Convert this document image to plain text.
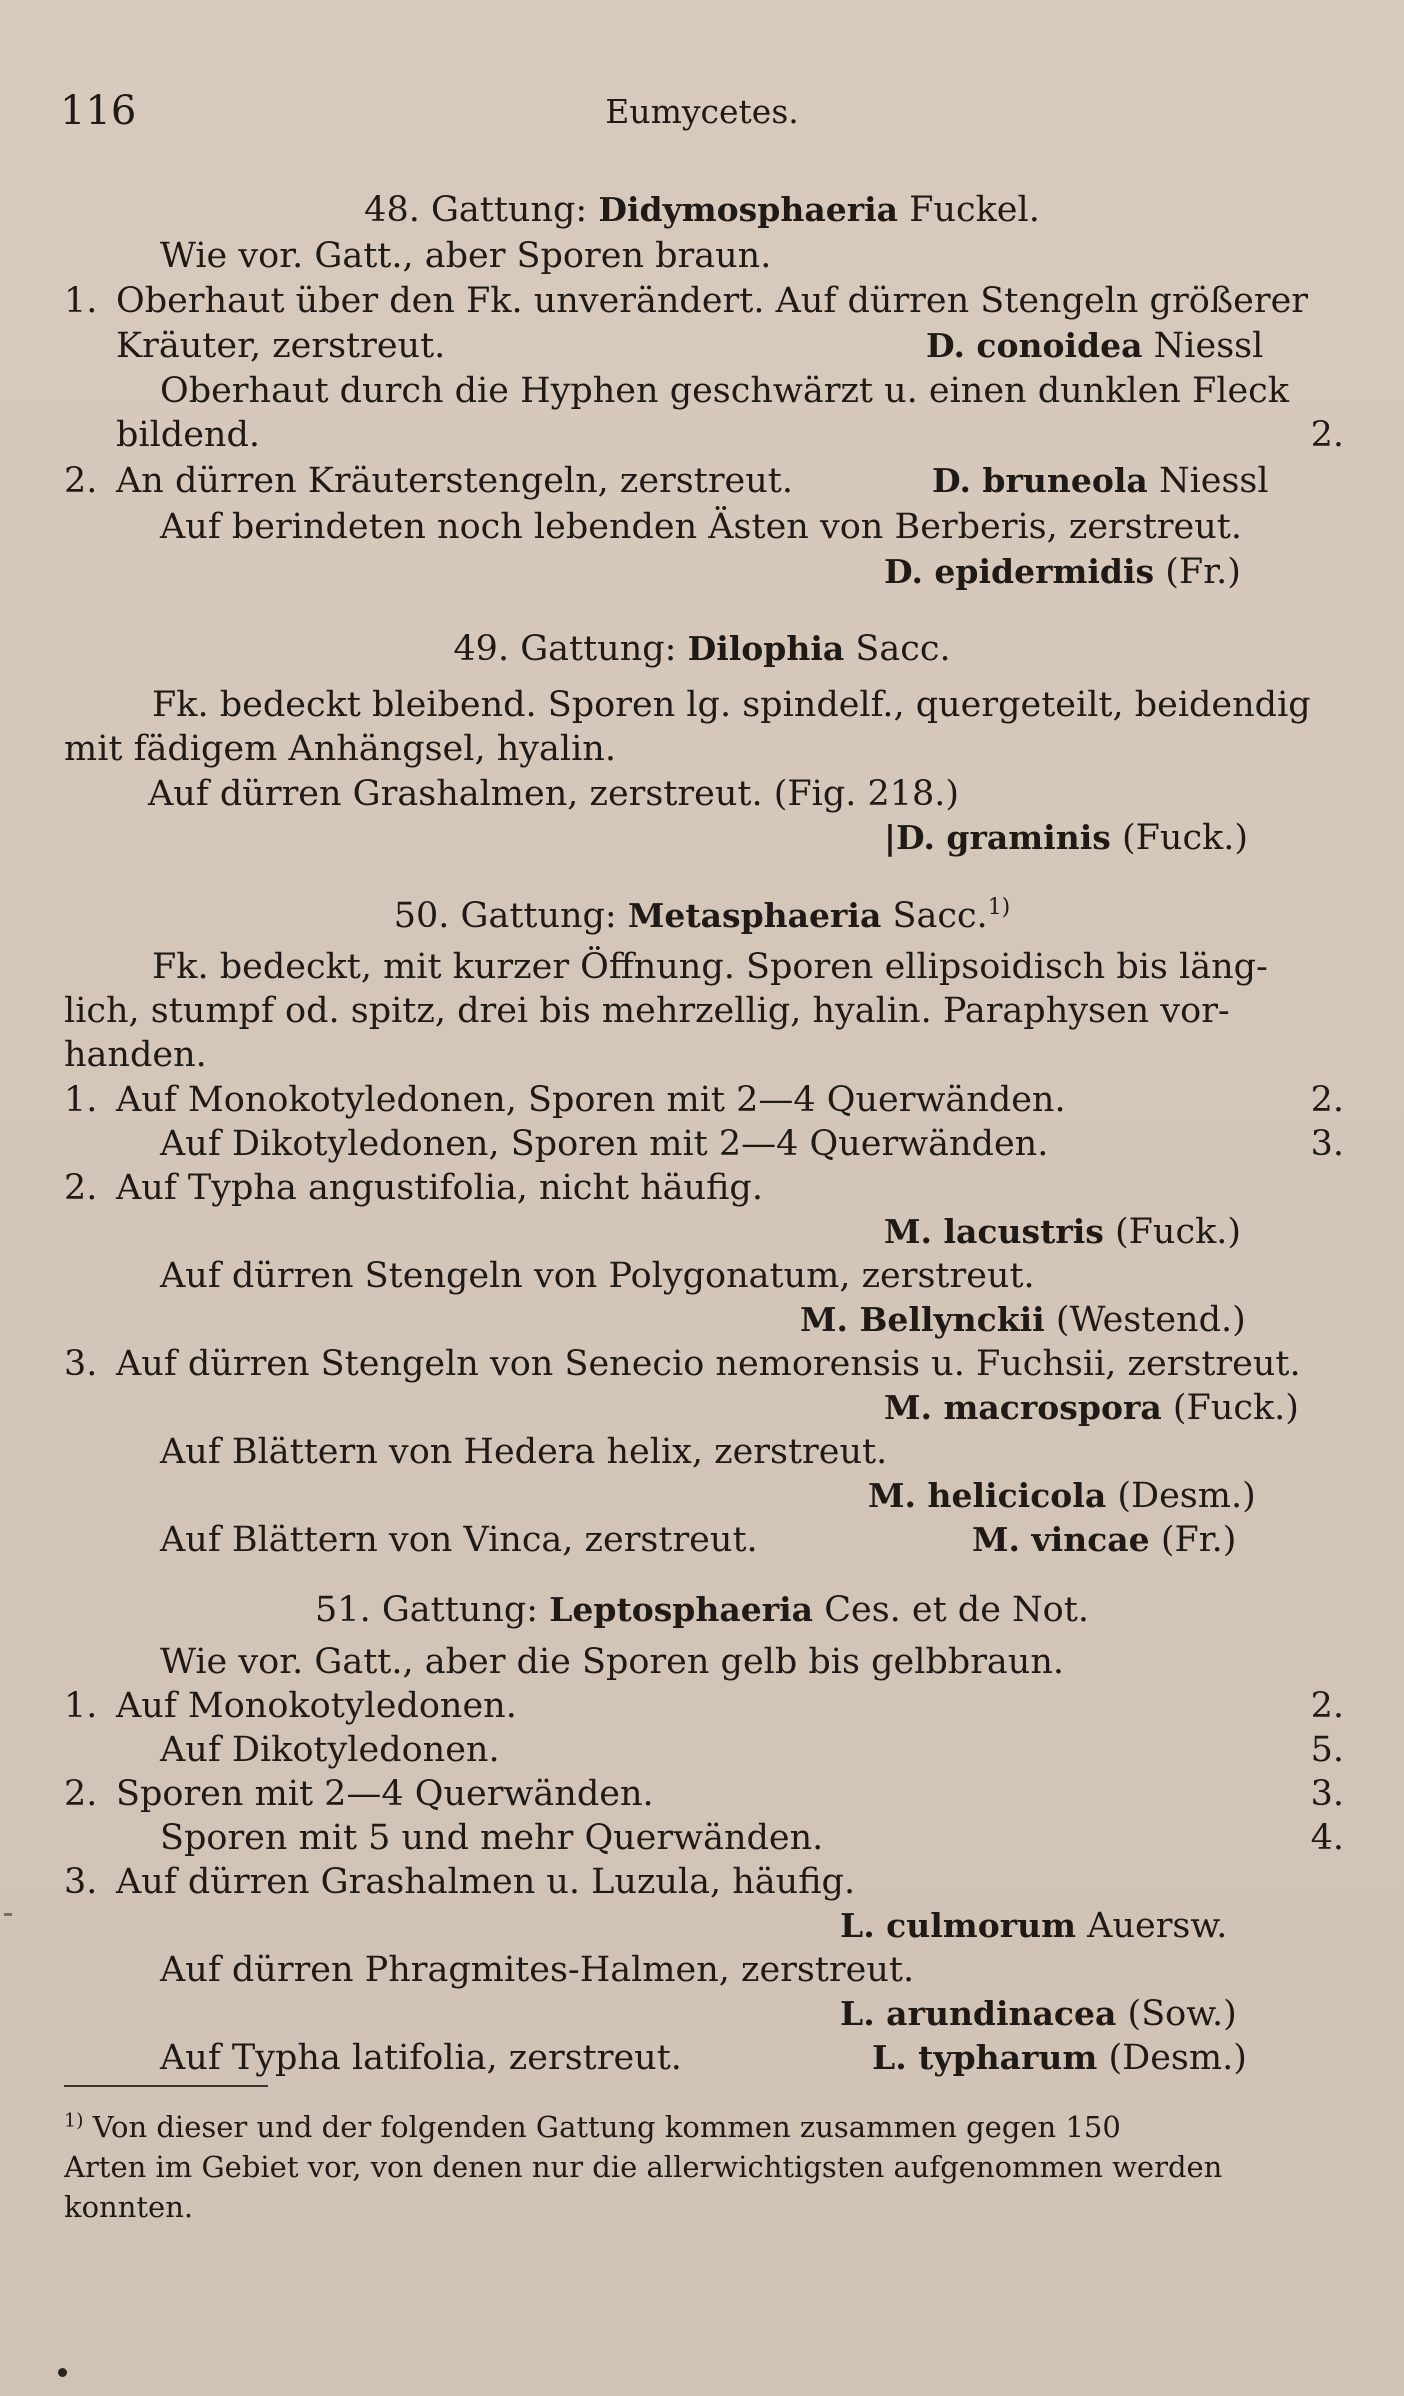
116	Eumycetes.
48. Gattung: Didymosphaeria Fuckel.
Wie vor. Gatt., aber Sporen braun.
1. Oberhaut über den Fk. unverändert. Auf dürren Stengeln größerer
Kräuter, zerstreut.	D. conoidea Niessl
Oberhaut durch die Hyphen geschwärzt u. einen dunklen Fleck
bildend.	2.
2. An dürren Kräuterstengeln, zerstreut.	D. bruneola Niessl
Auf berindeten noch lebenden Ästen von Berberis, zerstreut.
D. epidermidis (Fr.)
49. Gattung: Dilophia Sacc.
Fk. bedeckt bleibend. Sporen lg. spindelf., quergeteilt, beidendig
mit fädigem Anhängsel, hyalin.
Auf dürren Grashalmen, zerstreut. (Fig. 218.)
|D. graminis (Fuck.)
50. Gattung: Metasphaeria Sacc.1)
Fk. bedeckt, mit kurzer Öffnung. Sporen ellipsoidisch bis läng-
lich, stumpf od. spitz, drei bis mehrzellig, hyalin. Paraphysen vor-
handen.
1. Auf Monokotyledonen, Sporen mit 2—4 Querwänden.	2.
Auf Dikotyledonen, Sporen mit 2—4 Querwänden.	3.
2. Auf Typha angustifolia, nicht häufig.
M. lacustris (Fuck.)
Auf dürren Stengeln von Polygonatum, zerstreut.
M. Bellynckii (Westend.)
3. Auf dürren Stengeln von Senecio nemorensis u. Fuchsii, zerstreut.
M. macrospora (Fuck.)
Auf Blättern von Hedera helix, zerstreut.
M. helicicola (Desm.)
Auf Blättern von Vinca, zerstreut.	M. vincae (Fr.)
51. Gattung: Leptosphaeria Ces. et de Not.
Wie vor. Gatt., aber die Sporen gelb bis gelbbraun.
1. Auf Monokotyledonen.	2.
Auf Dikotyledonen.	5.
2. Sporen mit 2—4 Querwänden.	3.
Sporen mit 5 und mehr Querwänden.	4.
3. Auf dürren Grashalmen u. Luzula, häufig.
L. culmorum Auersw.
Auf dürren Phragmites-Halmen, zerstreut.
L. arundinacea (Sow.)
Auf Typha latifolia, zerstreut.	L. typharum (Desm.)
$^{1)}$ Von dieser und der folgenden Gattung kommen zusammen gegen 150
Arten im Gebiet vor, von denen nur die allerwichtigsten aufgenommen werden
konnten.
